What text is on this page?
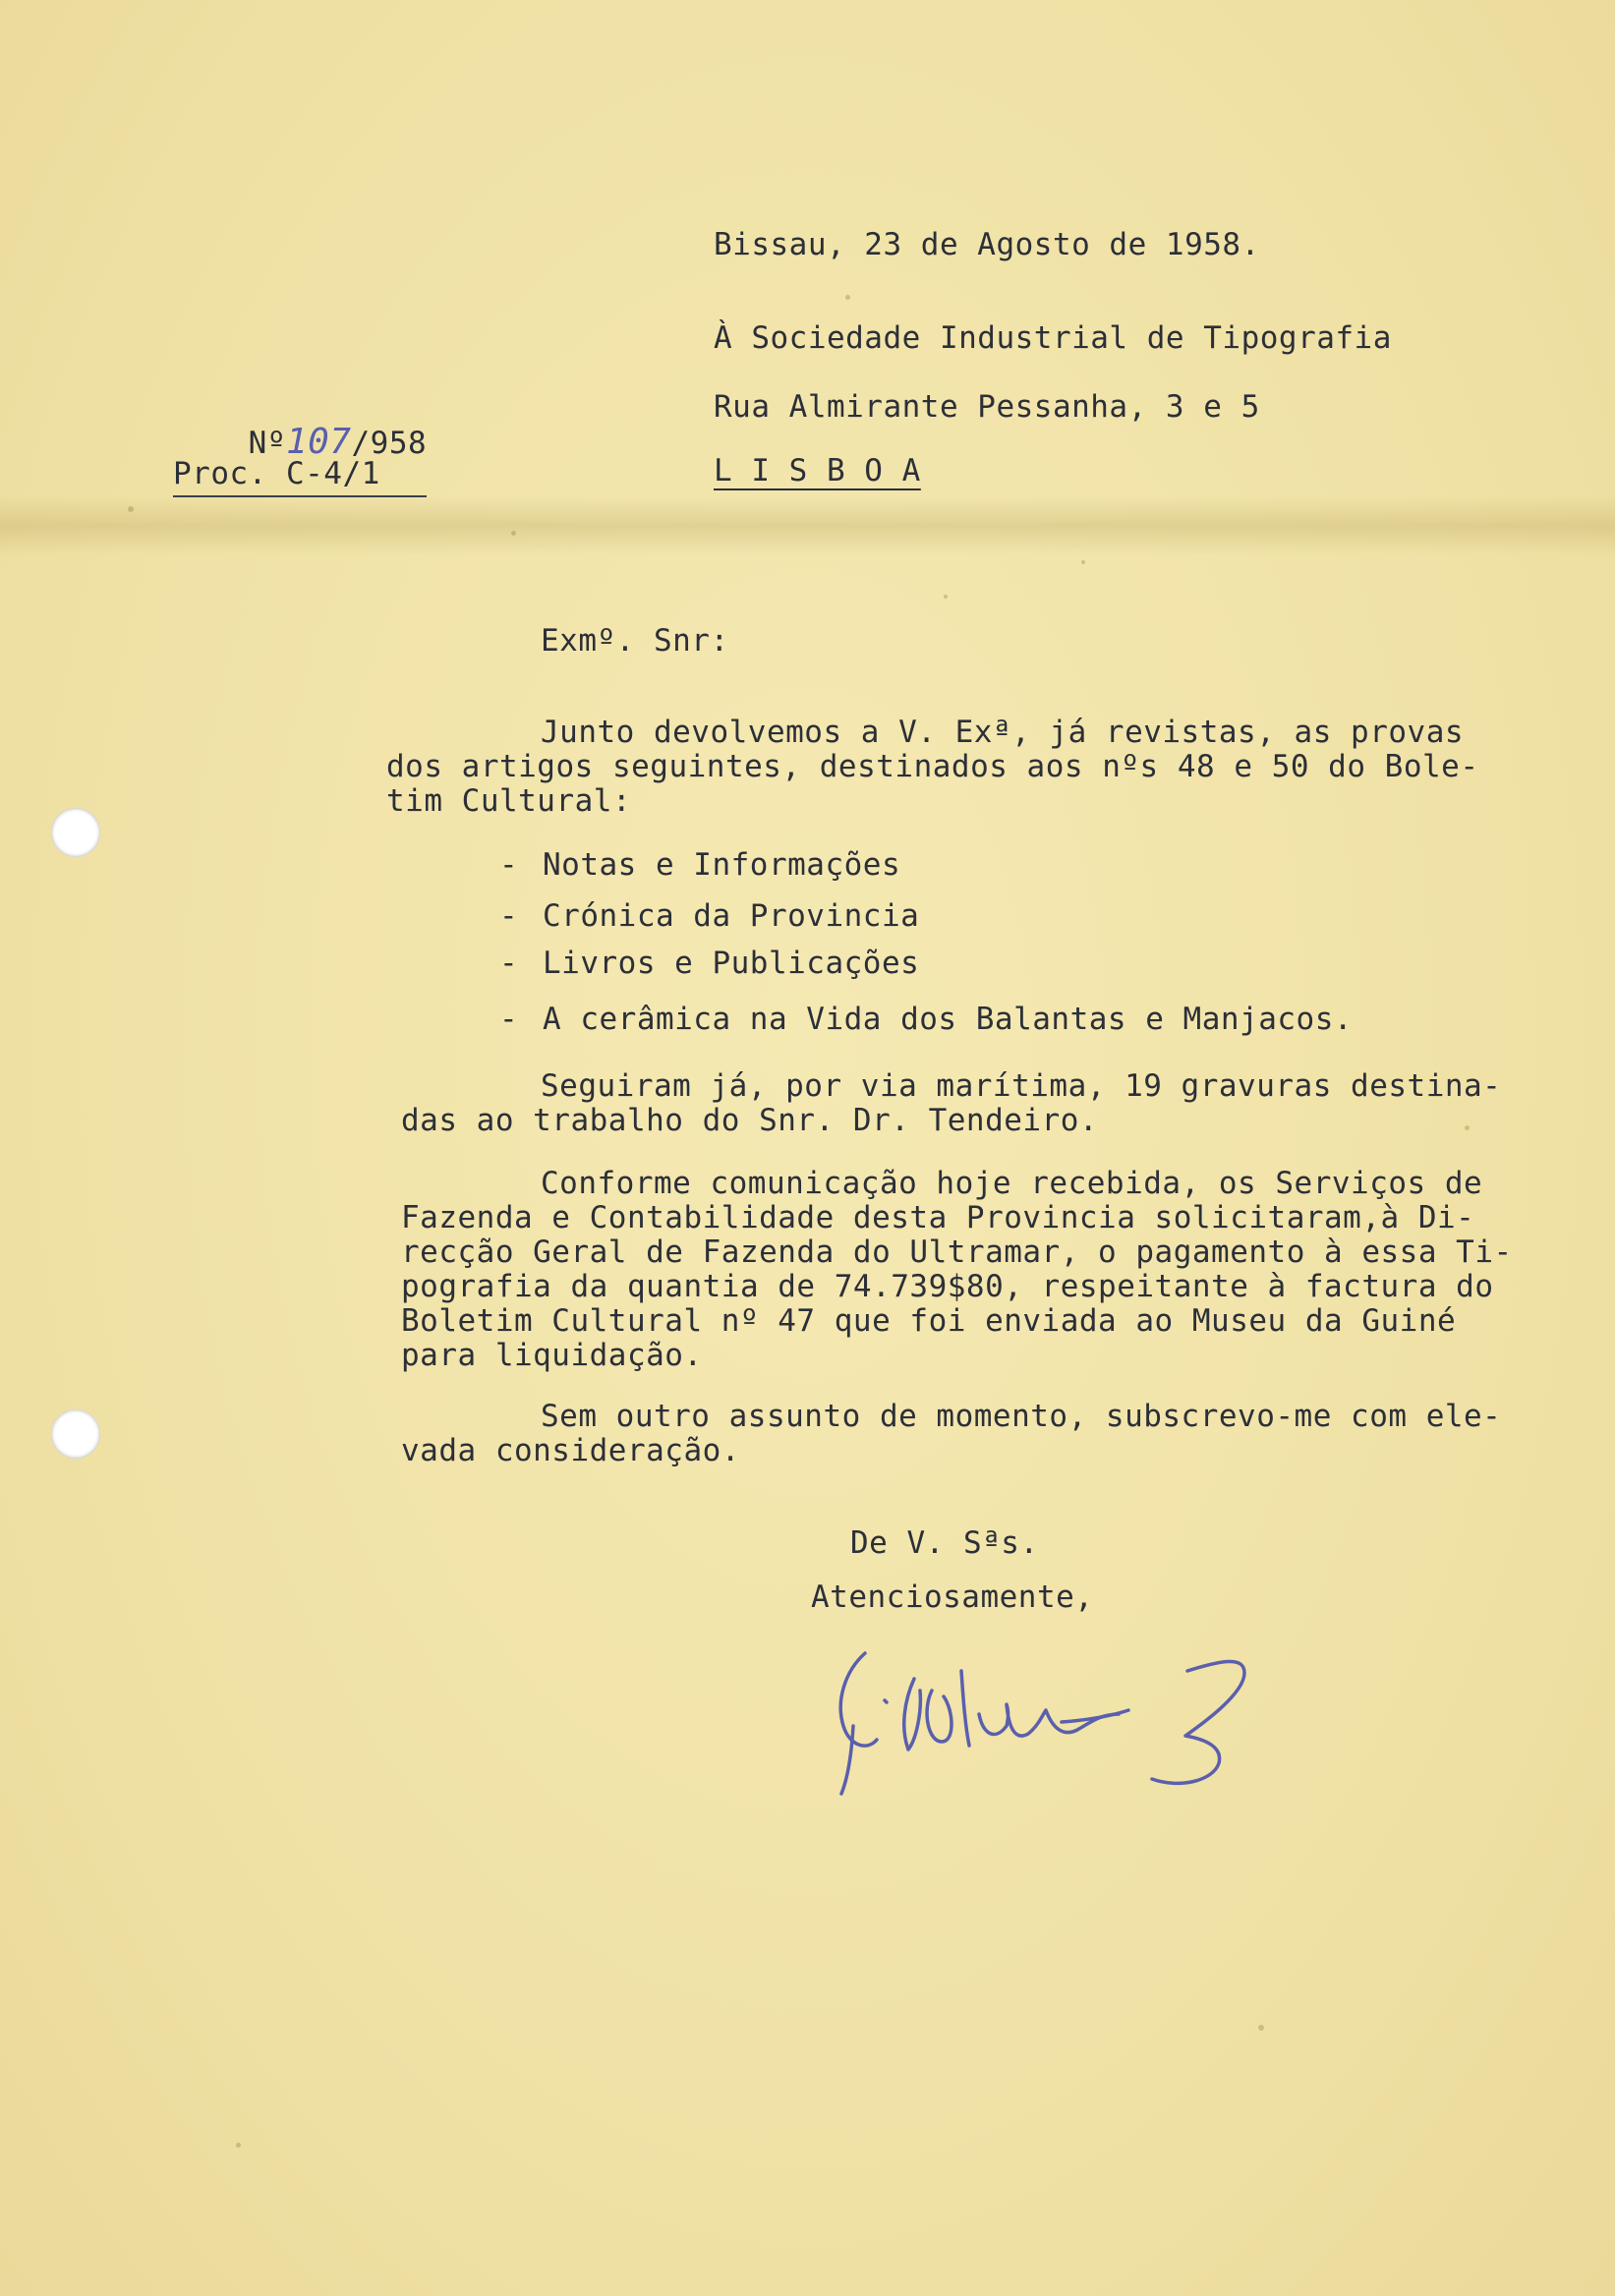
Bissau, 23 de Agosto de 1958.
À Sociedade Industrial de Tipografia
Rua Almirante Pessanha, 3 e 5
L I S B O A

Nº107/958

Proc. C-4/1
Exmº. Snr:
Junto devolvemos a V. Exª, já revistas, as provas
dos artigos seguintes, destinados aos nºs 48 e 50 do Bole-
tim Cultural:
- Notas e Informações
- Crónica da Provincia
- Livros e Publicações
- A cerâmica na Vida dos Balantas e Manjacos.
Seguiram já, por via marítima, 19 gravuras destina-
das ao trabalho do Snr. Dr. Tendeiro.
Conforme comunicação hoje recebida, os Serviços de
Fazenda e Contabilidade desta Provincia solicitaram,à Di-
recção Geral de Fazenda do Ultramar, o pagamento à essa Ti-
pografia da quantia de 74.739$80, respeitante à factura do
Boletim Cultural nº 47 que foi enviada ao Museu da Guiné
para liquidação.
Sem outro assunto de momento, subscrevo-me com ele-
vada consideração.
De V. Sªs.
Atenciosamente,
